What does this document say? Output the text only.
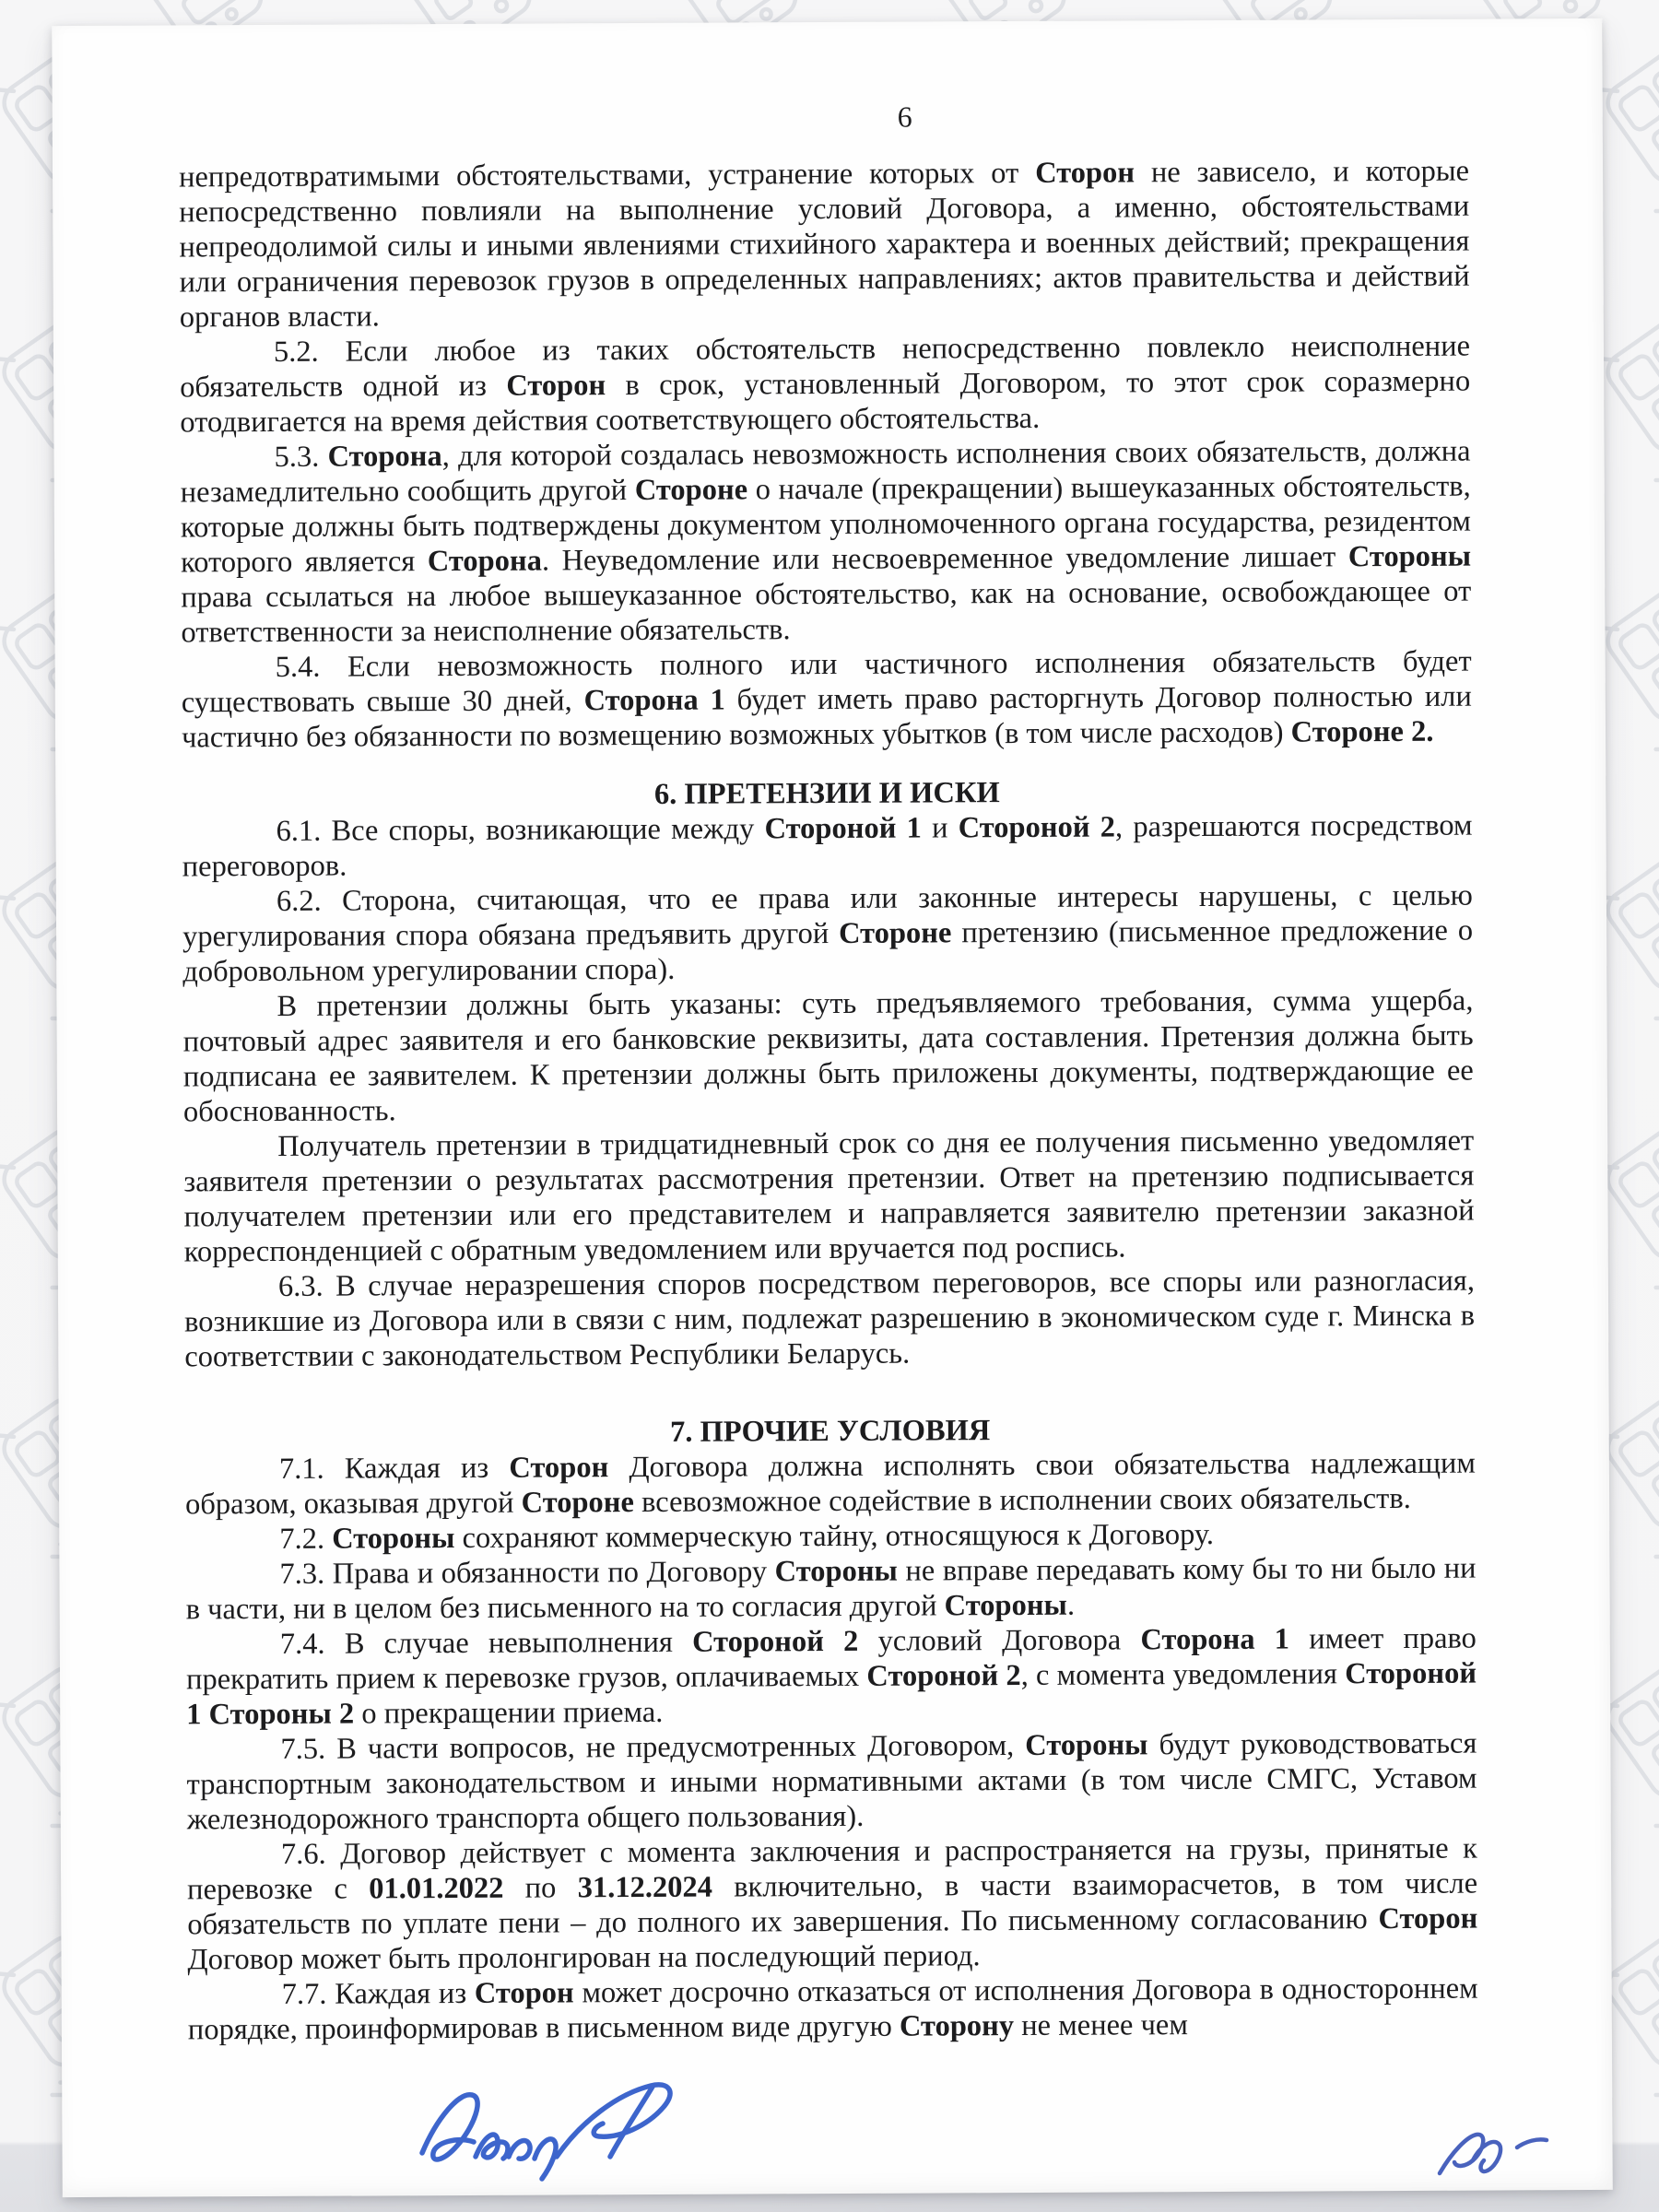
6

непредотвратимыми обстоятельствами, устранение которых от Сторон не зависело, и которые непосредственно повлияли на выполнение условий Договора, а именно, обстоятельствами непреодолимой силы и иными явлениями стихийного характера и военных действий; прекращения или ограничения перевозок грузов в определенных направлениях; актов правительства и действий органов власти.

5.2. Если любое из таких обстоятельств непосредственно повлекло неисполнение обязательств одной из Сторон в срок, установленный Договором, то этот срок соразмерно отодвигается на время действия соответствующего обстоятельства.

5.3. Сторона, для которой создалась невозможность исполнения своих обязательств, должна незамедлительно сообщить другой Стороне о начале (прекращении) вышеуказанных обстоятельств, которые должны быть подтверждены документом уполномоченного органа государства, резидентом которого является Сторона. Неуведомление или несвоевременное уведомление лишает Стороны права ссылаться на любое вышеуказанное обстоятельство, как на основание, освобождающее от ответственности за неисполнение обязательств.

5.4. Если невозможность полного или частичного исполнения обязательств будет существовать свыше 30 дней, Сторона 1 будет иметь право расторгнуть Договор полностью или частично без обязанности по возмещению возможных убытков (в том числе расходов) Стороне 2.

6. ПРЕТЕНЗИИ И ИСКИ

6.1. Все споры, возникающие между Стороной 1 и Стороной 2, разрешаются посредством переговоров.

6.2. Сторона, считающая, что ее права или законные интересы нарушены, с целью урегулирования спора обязана предъявить другой Стороне претензию (письменное предложение о добровольном урегулировании спора).

В претензии должны быть указаны: суть предъявляемого требования, сумма ущерба, почтовый адрес заявителя и его банковские реквизиты, дата составления. Претензия должна быть подписана ее заявителем. К претензии должны быть приложены документы, подтверждающие ее обоснованность.

Получатель претензии в тридцатидневный срок со дня ее получения письменно уведомляет заявителя претензии о результатах рассмотрения претензии. Ответ на претензию подписывается получателем претензии или его представителем и направляется заявителю претензии заказной корреспонденцией с обратным уведомлением или вручается под роспись.

6.3. В случае неразрешения споров посредством переговоров, все споры или разногласия, возникшие из Договора или в связи с ним, подлежат разрешению в экономическом суде г. Минска в соответствии с законодательством Республики Беларусь.

7. ПРОЧИЕ УСЛОВИЯ

7.1. Каждая из Сторон Договора должна исполнять свои обязательства надлежащим образом, оказывая другой Стороне всевозможное содействие в исполнении своих обязательств.

7.2. Стороны сохраняют коммерческую тайну, относящуюся к Договору.

7.3. Права и обязанности по Договору Стороны не вправе передавать кому бы то ни было ни в части, ни в целом без письменного на то согласия другой Стороны.

7.4. В случае невыполнения Стороной 2 условий Договора Сторона 1 имеет право прекратить прием к перевозке грузов, оплачиваемых Стороной 2, с момента уведомления Стороной 1 Стороны 2 о прекращении приема.

7.5. В части вопросов, не предусмотренных Договором, Стороны будут руководствоваться транспортным законодательством и иными нормативными актами (в том числе СМГС, Уставом железнодорожного транспорта общего пользования).

7.6. Договор действует с момента заключения и распространяется на грузы, принятые к перевозке с 01.01.2022 по 31.12.2024 включительно, в части взаиморасчетов, в том числе обязательств по уплате пени – до полного их завершения. По письменному согласованию Сторон Договор может быть пролонгирован на последующий период.

7.7. Каждая из Сторон может досрочно отказаться от исполнения Договора в одностороннем порядке, проинформировав в письменном виде другую Сторону не менее чем
